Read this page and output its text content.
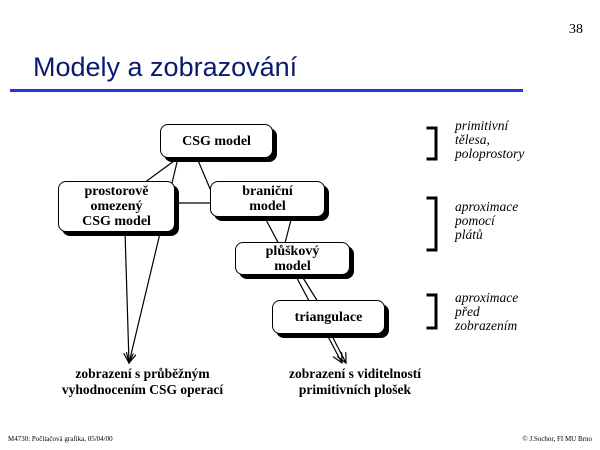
38
Modely a zobrazování
CSG model
prostorově
omezený
CSG model
braniční
model
plůškový
model
triangulace
zobrazení s průběžným
vyhodnocením CSG operací
zobrazení s viditelností
primitivních plošek
primitivní
tělesa,
poloprostory
aproximace
pomocí
plátů
aproximace
před
zobrazením
M4730: Počítačová grafika, 05/04/00	© J.Sochor, FI MU Brno
